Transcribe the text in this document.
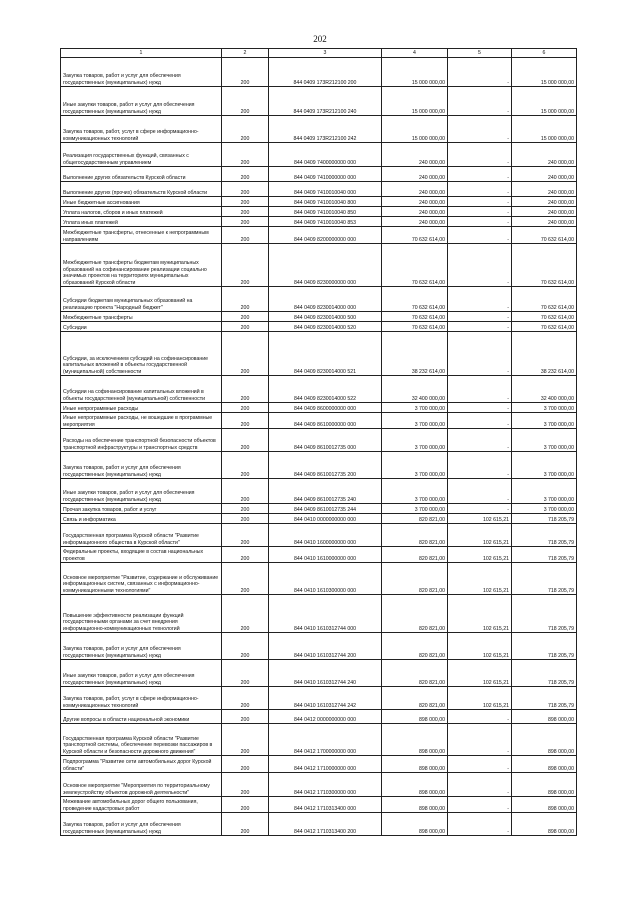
202
1	2	3	4	5	6
Закупка товаров, работ и услуг для обеспечения государственных (муниципальных) нужд	200	844 0409 173R212100 200	15 000 000,00	-	15 000 000,00
Иные закупки товаров, работ и услуг для обеспечения государственных (муниципальных) нужд	200	844 0409 173R212100 240	15 000 000,00	-	15 000 000,00
Закупка товаров, работ, услуг в сфере информационно-коммуникационных технологий	200	844 0409 173R212100 242	15 000 000,00	-	15 000 000,00
Реализация государственных функций, связанных с общегосударственным управлением	200	844 0409 7400000000 000	240 000,00	-	240 000,00
Выполнение других обязательств Курской области	200	844 0409 7410000000 000	240 000,00	-	240 000,00
Выполнение других (прочих) обязательств Курской области	200	844 0409 7410010040 000	240 000,00	-	240 000,00
Иные бюджетные ассигнования	200	844 0409 7410010040 800	240 000,00	-	240 000,00
Уплата налогов, сборов и иных платежей	200	844 0409 7410010040 850	240 000,00	-	240 000,00
Уплата иных платежей	200	844 0409 7410010040 853	240 000,00	-	240 000,00
Межбюджетные трансферты, отнесенные к непрограммным направлениям	200	844 0409 8200000000 000	70 632 614,00	-	70 632 614,00
Межбюджетные трансферты бюджетам муниципальных образований на софинансирование реализации социально значимых проектов на территориях муниципальных образований Курской области	200	844 0409 8230000000 000	70 632 614,00	-	70 632 614,00
Субсидии бюджетам муниципальных образований на реализацию проекта "Народный бюджет"	200	844 0409 8230014000 000	70 632 614,00	-	70 632 614,00
Межбюджетные трансферты	200	844 0409 8230014000 500	70 632 614,00	-	70 632 614,00
Субсидии	200	844 0409 8230014000 520	70 632 614,00	-	70 632 614,00
Субсидии, за исключением субсидий на софинансирование капитальных вложений в объекты государственной (муниципальной) собственности	200	844 0409 8230014000 521	38 232 614,00	-	38 232 614,00
Субсидии на софинансирование капитальных вложений в объекты государственной (муниципальной) собственности	200	844 0409 8230014000 522	32 400 000,00	-	32 400 000,00
Иные непрограммные расходы	200	844 0409 8600000000 000	3 700 000,00	-	3 700 000,00
Иные непрограммные расходы, не вошедшие в программные мероприятия	200	844 0409 8610000000 000	3 700 000,00	-	3 700 000,00
Расходы на обеспечение транспортной безопасности объектов транспортной инфраструктуры и транспортных средств	200	844 0409 8610012735 000	3 700 000,00	-	3 700 000,00
Закупка товаров, работ и услуг для обеспечения государственных (муниципальных) нужд	200	844 0409 8610012735 200	3 700 000,00	-	3 700 000,00
Иные закупки товаров, работ и услуг для обеспечения государственных (муниципальных) нужд	200	844 0409 8610012735 240	3 700 000,00	-	3 700 000,00
Прочая закупка товаров, работ и услуг	200	844 0409 8610012735 244	3 700 000,00	-	3 700 000,00
Связь и информатика	200	844 0410 0000000000 000	820 821,00	102 615,21	718 205,79
Государственная программа Курской области "Развитие информационного общества в Курской области"	200	844 0410 1600000000 000	820 821,00	102 615,21	718 205,79
Федеральные проекты, входящие в состав национальных проектов	200	844 0410 1610000000 000	820 821,00	102 615,21	718 205,79
Основное мероприятие "Развитие, содержание и обслуживание информационных систем, связанных с информационно-коммуникационными технологиями"	200	844 0410 1610300000 000	820 821,00	102 615,21	718 205,79
Повышение эффективности реализации функций государственными органами за счет внедрения информационно-коммуникационных технологий	200	844 0410 1610312744 000	820 821,00	102 615,21	718 205,79
Закупка товаров, работ и услуг для обеспечения государственных (муниципальных) нужд	200	844 0410 1610312744 200	820 821,00	102 615,21	718 205,79
Иные закупки товаров, работ и услуг для обеспечения государственных (муниципальных) нужд	200	844 0410 1610312744 240	820 821,00	102 615,21	718 205,79
Закупка товаров, работ, услуг в сфере информационно-коммуникационных технологий	200	844 0410 1610312744 242	820 821,00	102 615,21	718 205,79
Другие вопросы в области национальной экономики	200	844 0412 0000000000 000	898 000,00	-	898 000,00
Государственная программа Курской области "Развитие транспортной системы, обеспечение перевозки пассажиров в Курской области и безопасности дорожного движения"	200	844 0412 1700000000 000	898 000,00	-	898 000,00
Подпрограмма "Развитие сети автомобильных дорог Курской области"	200	844 0412 1710000000 000	898 000,00	-	898 000,00
Основное мероприятие "Мероприятия по территориальному землеустройству объектов дорожной деятельности"	200	844 0412 1710300000 000	898 000,00	-	898 000,00
Межевание автомобильных дорог общего пользования, проведение кадастровых работ	200	844 0412 1710313400 000	898 000,00	-	898 000,00
Закупка товаров, работ и услуг для обеспечения государственных (муниципальных) нужд	200	844 0412 1710313400 200	898 000,00	-	898 000,00
